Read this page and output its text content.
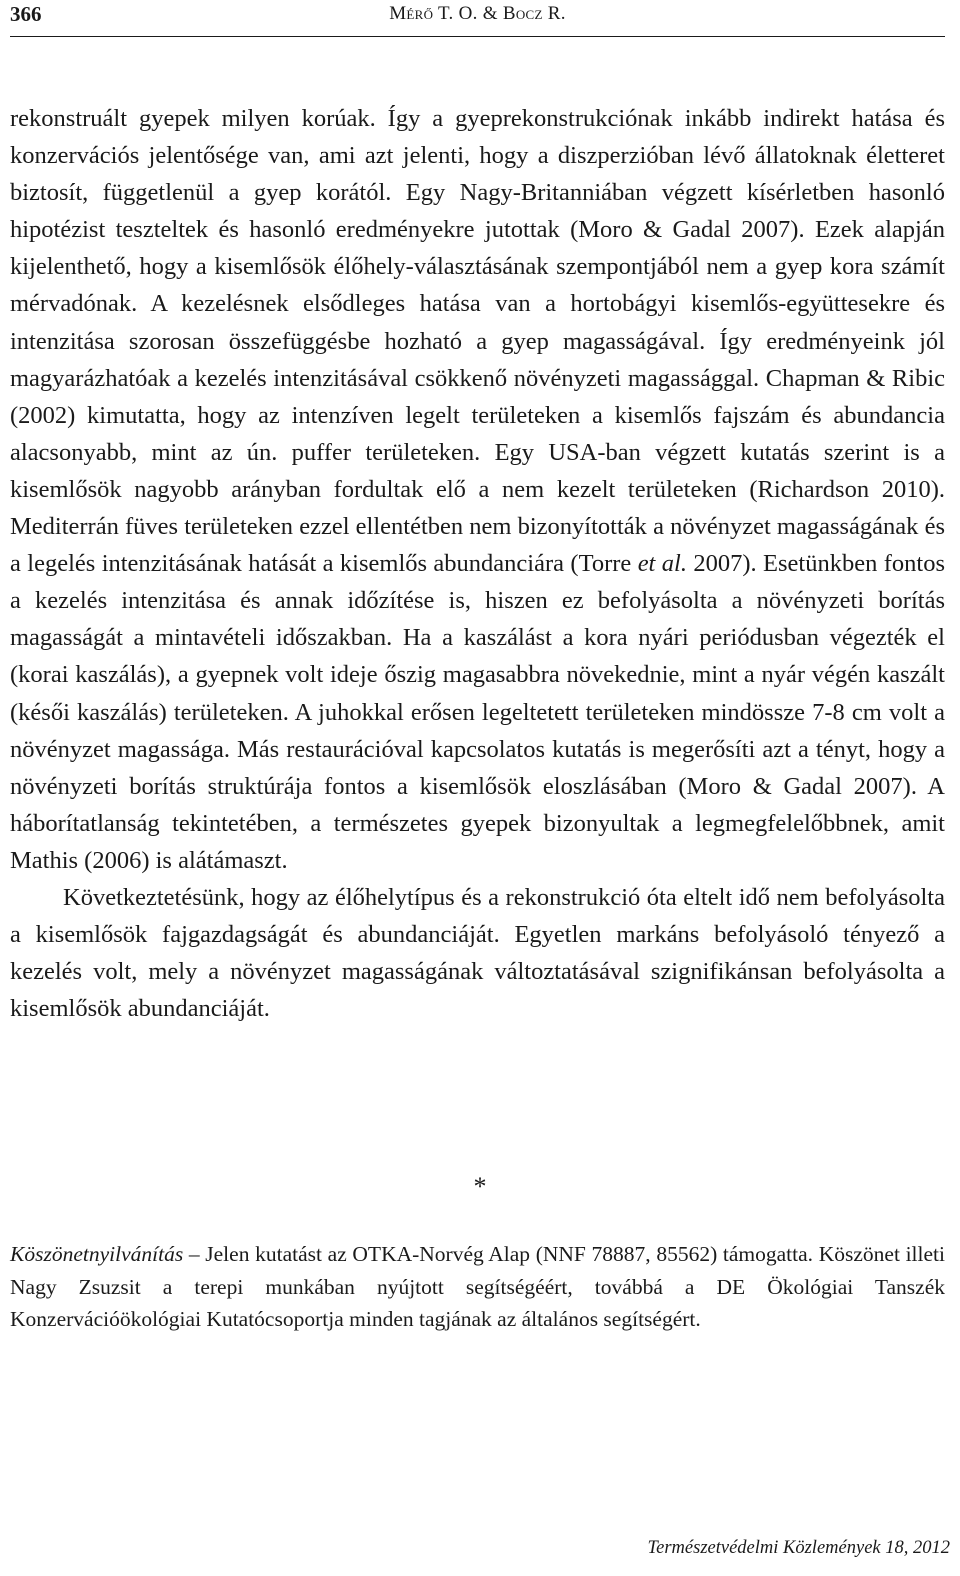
366	Mérő T. O. & Bocz R.

rekonstruált gyepek milyen korúak. Így a gyeprekonstrukciónak inkább indirekt hatása és konzervációs jelentősége van, ami azt jelenti, hogy a diszperzióban lévő állatoknak életteret biztosít, függetlenül a gyep korától. Egy Nagy-Britanniában végzett kísérletben hasonló hipotézist teszteltek és hasonló eredményekre jutottak (Moro & Gadal 2007). Ezek alapján kijelenthető, hogy a kisemlősök élőhely-választásának szempontjából nem a gyep kora számít mérvadónak. A kezelésnek elsődleges hatása van a hortobágyi kisemlős-együttesekre és intenzitása szorosan összefüggésbe hozható a gyep magasságával. Így eredményeink jól magyarázhatóak a kezelés intenzitásával csökkenő növényzeti magassággal. Chapman & Ribic (2002) kimutatta, hogy az intenzíven legelt területeken a kisemlős fajszám és abundancia alacsonyabb, mint az ún. puffer területeken. Egy USA-ban végzett kutatás szerint is a kisemlősök nagyobb arányban fordultak elő a nem kezelt területeken (Richardson 2010). Mediterrán füves területeken ezzel ellentétben nem bizonyították a növényzet magasságának és a legelés intenzitásának hatását a kisemlős abundanciára (Torre et al. 2007). Esetünkben fontos a kezelés intenzitása és annak időzítése is, hiszen ez befolyásolta a növényzeti borítás magasságát a mintavételi időszakban. Ha a kaszálást a kora nyári periódusban végezték el (korai kaszálás), a gyepnek volt ideje őszig magasabbra növekednie, mint a nyár végén kaszált (késői kaszálás) területeken. A juhokkal erősen legeltetett területeken mindössze 7-8 cm volt a növényzet magassága. Más restaurációval kapcsolatos kutatás is megerősíti azt a tényt, hogy a növényzeti borítás struktúrája fontos a kisemlősök eloszlásában (Moro & Gadal 2007). A háborítatlanság tekintetében, a természetes gyepek bizonyultak a legmegfelelőbbnek, amit Mathis (2006) is alátámaszt.

Következtetésünk, hogy az élőhelytípus és a rekonstrukció óta eltelt idő nem befolyásolta a kisemlősök fajgazdagságát és abundanciáját. Egyetlen markáns befolyásoló tényező a kezelés volt, mely a növényzet magasságának változtatásával szignifikánsan befolyásolta a kisemlősök abundanciáját.

*

Köszönetnyilvánítás – Jelen kutatást az OTKA-Norvég Alap (NNF 78887, 85562) támogatta. Köszönet illeti Nagy Zsuzsit a terepi munkában nyújtott segítségéért, továbbá a DE Ökológiai Tanszék Konzervációökológiai Kutatócsoportja minden tagjának az általános segítségért.

Természetvédelmi Közlemények 18, 2012
